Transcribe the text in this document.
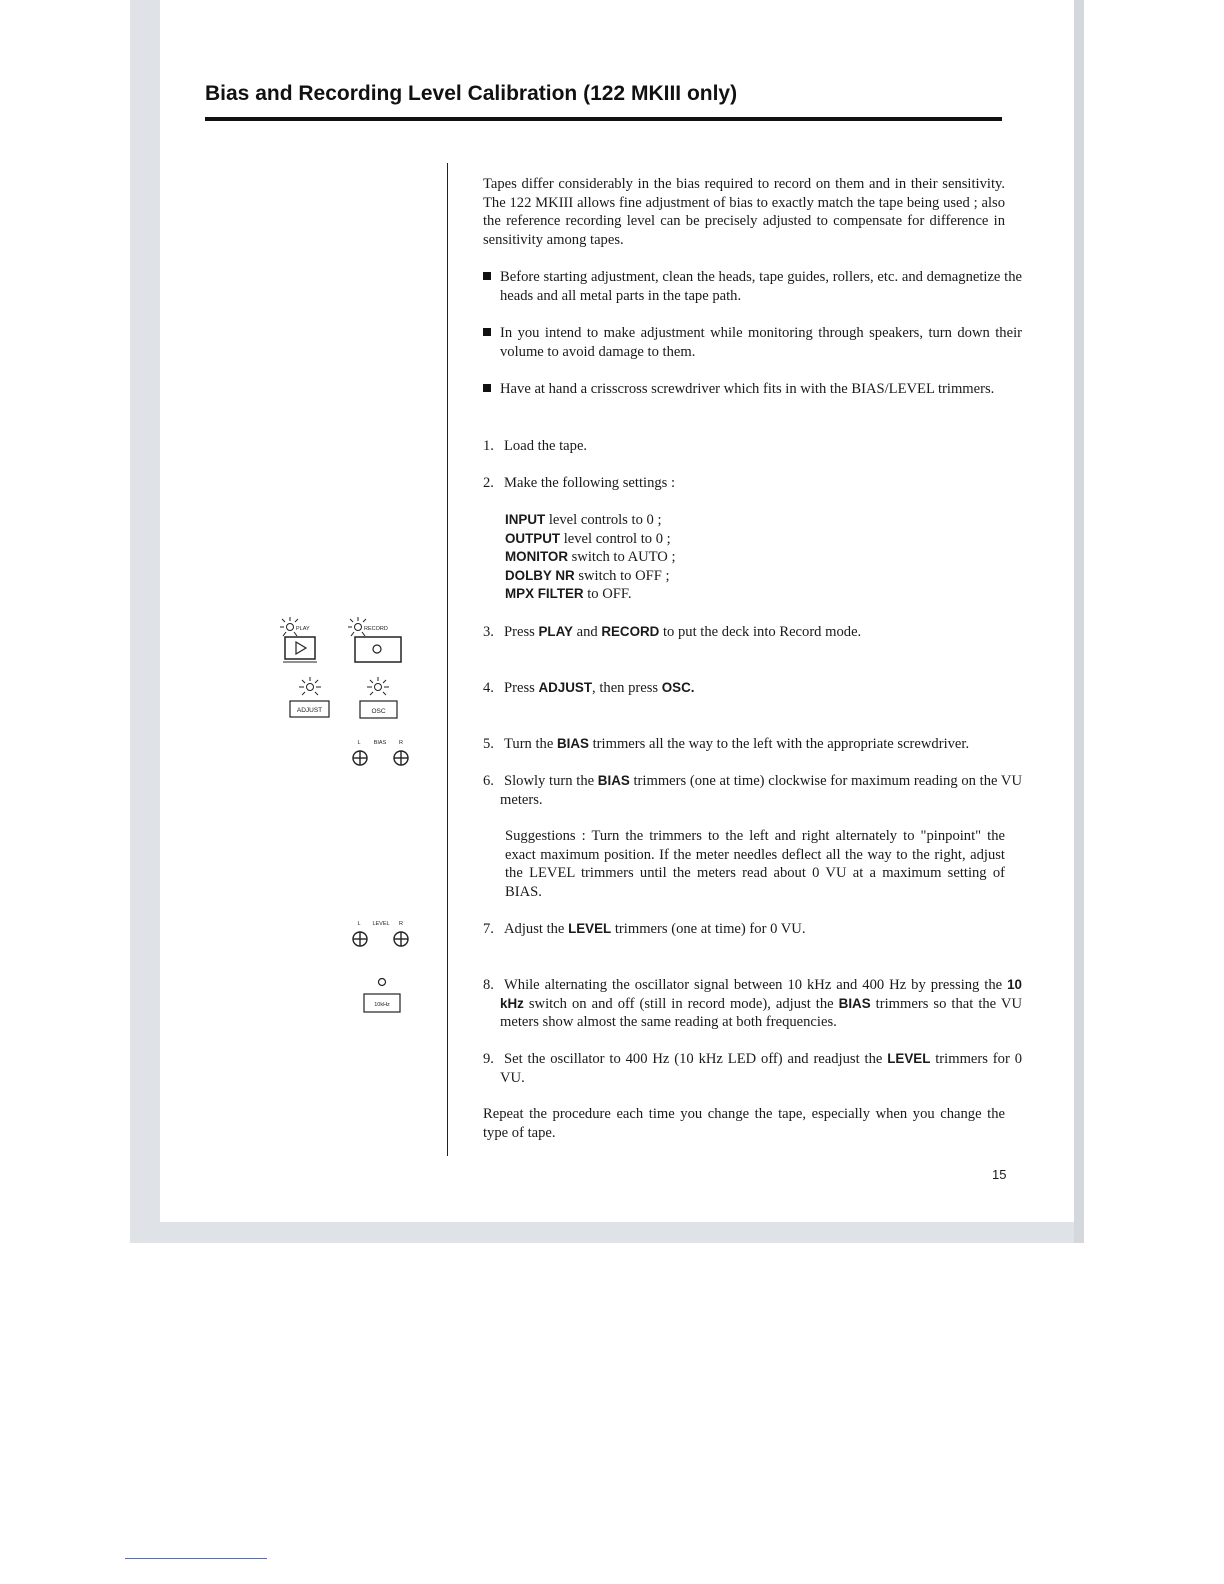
Bias and Recording Level Calibration (122 MKIII only)
Tapes differ considerably in the bias required to record on them and in their sensitivity. The 122 MKIII allows fine adjustment of bias to exactly match the tape being used ; also the reference recording level can be precisely adjusted to compensate for difference in sensitivity among tapes.
Before starting adjustment, clean the heads, tape guides, rollers, etc. and demagnetize the heads and all metal parts in the tape path.
In you intend to make adjustment while monitoring through speakers, turn down their volume to avoid damage to them.
Have at hand a crisscross screwdriver which fits in with the BIAS/LEVEL trimmers.
1. Load the tape.
2. Make the following settings :
INPUT level controls to 0 ;
OUTPUT level control to 0 ;
MONITOR switch to AUTO ;
DOLBY NR switch to OFF ;
MPX FILTER to OFF.
3. Press PLAY and RECORD to put the deck into Record mode.
4. Press ADJUST, then press OSC.
5. Turn the BIAS trimmers all the way to the left with the appropriate screwdriver.
6. Slowly turn the BIAS trimmers (one at time) clockwise for maximum reading on the VU meters.
Suggestions : Turn the trimmers to the left and right alternately to "pinpoint" the exact maximum position. If the meter needles deflect all the way to the right, adjust the LEVEL trimmers until the meters read about 0 VU at a maximum setting of BIAS.
7. Adjust the LEVEL trimmers (one at time) for 0 VU.
8. While alternating the oscillator signal between 10 kHz and 400 Hz by pressing the 10 kHz switch on and off (still in record mode), adjust the BIAS trimmers so that the VU meters show almost the same reading at both frequencies.
9. Set the oscillator to 400 Hz (10 kHz LED off) and readjust the LEVEL trimmers for 0 VU.
Repeat the procedure each time you change the tape, especially when you change the type of tape.
15
PLAY	RECORD
ADJUST	OSC
L BIAS R
L LEVEL R
10kHz
